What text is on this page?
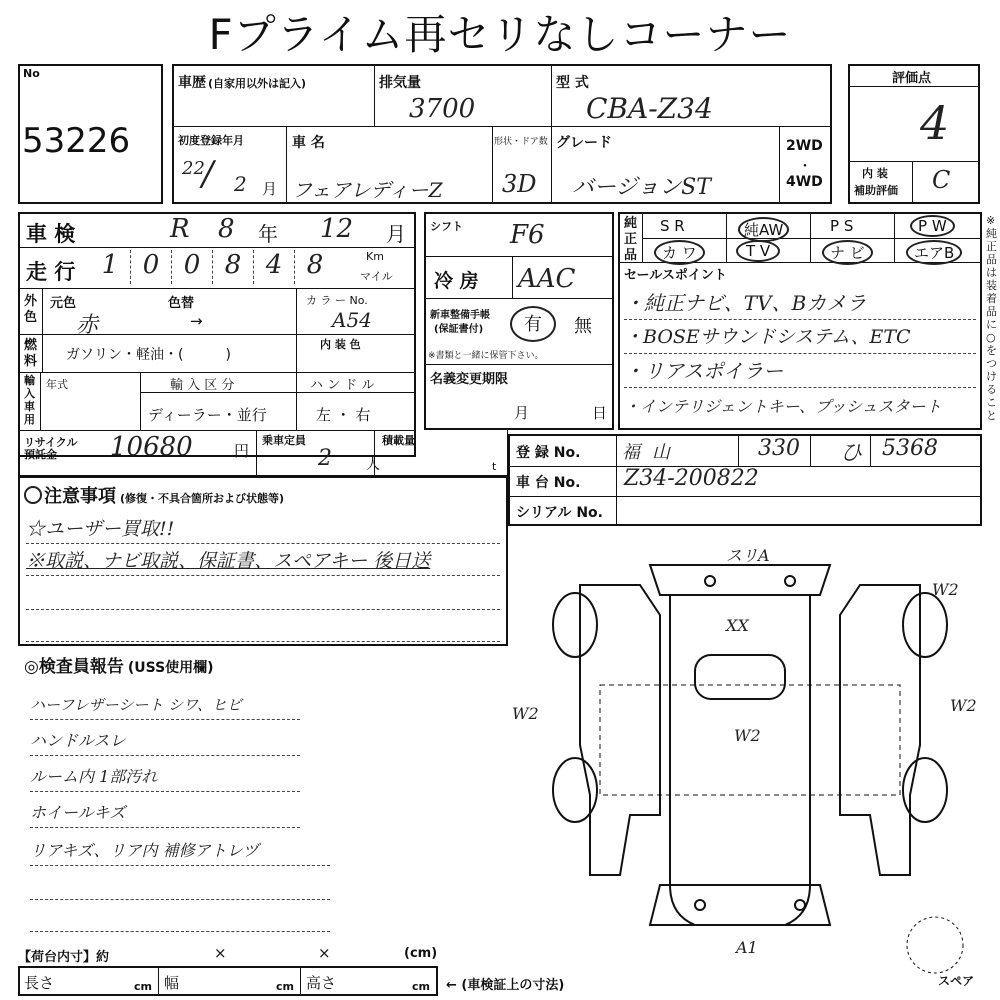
Fプライム再セリなしコーナー
No
53226
車歴 (自家用以外は記入)	排気量
3700
型 式
CBA-Z34
初度登録年月
22
/ 2 月
車 名
フェアレディーZ
形状・ドア数
3D
グレード
バージョンST
2WD
・
4WD
評価点
4
内 装
補助評価 C
車 検	R 8 年 12 月
走 行	1 0 0 8 4 8	Km
マイル
外色
元色	色替
赤	→
カ ラ ー No.
A54
燃料 ガソリン・軽油・(　　　)
内 装 色
輸入車用
年式	輸 入 区 分
ディーラー・並行
ハ ン ド ル
左 ・ 右
リサイクル
預託金 10680	円
乗車定員
2 人
積載量
t
シフト F6
冷 房 AAC
新車整備手帳
(保証書付)	有	無
※書類と一緒に保管下さい。
名義変更期限
月	日
純正品
S R	純AW	P S	P W
カ ワ	T V	ナ ビ	エアB
セールスポイント
・純正ナビ、TV、Bカメラ
・BOSEサウンドシステム、ETC
・リアスポイラー
・インテリジェントキー、プッシュスタート
※純正品は装着品に○をつけること
登 録 No. 福 山	330 ひ 5368
車 台 No. Z34-200822
シリアル No.
注意事項 (修復・不具合箇所および状態等)
☆ユーザー買取!!
※取説、ナビ取説、保証書、スペアキー 後日送
◎検査員報告 (USS使用欄)
ハーフレザーシート シワ、ヒビ
ハンドルスレ
ルーム内 1部汚れ
ホイールキズ
リアキズ、リア内 補修アトレヅ
スリA
XX
W2
W2	W2
W2
A1
スペア
【荷台内寸】約	×	×	(cm)
長さ	cm 幅	cm 高さ	cm ← (車検証上の寸法)
